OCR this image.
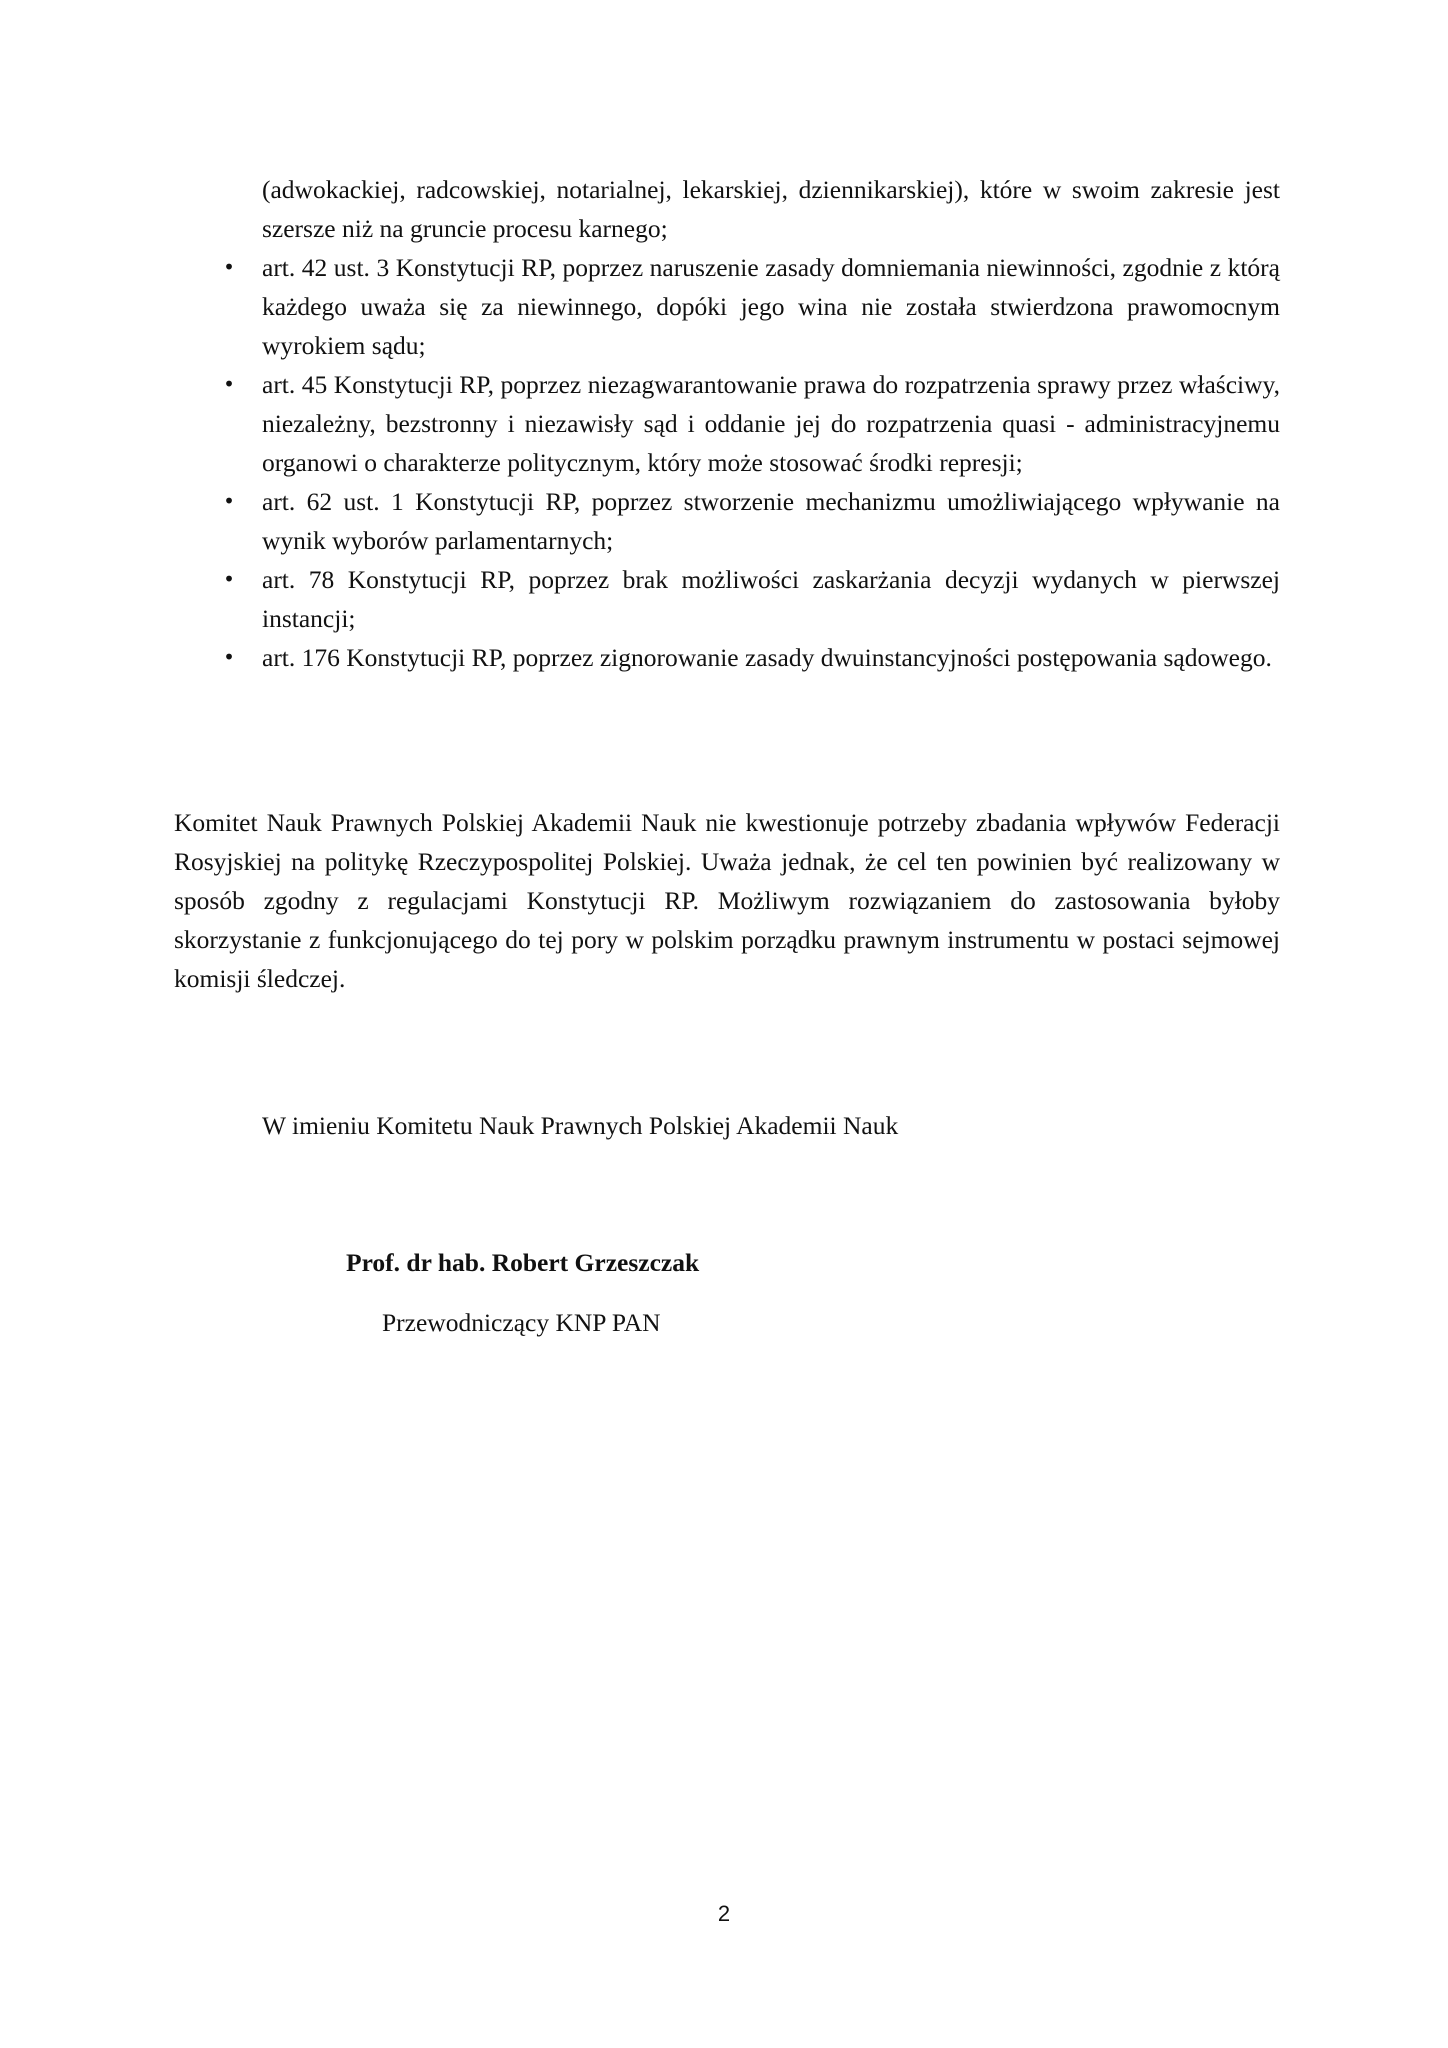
(adwokackiej, radcowskiej, notarialnej, lekarskiej, dziennikarskiej), które w swoim zakresie jest szersze niż na gruncie procesu karnego;
• art. 42 ust. 3 Konstytucji RP, poprzez naruszenie zasady domniemania niewinności, zgodnie z którą każdego uważa się za niewinnego, dopóki jego wina nie została stwierdzona prawomocnym wyrokiem sądu;
• art. 45 Konstytucji RP, poprzez niezagwarantowanie prawa do rozpatrzenia sprawy przez właściwy, niezależny, bezstronny i niezawisły sąd i oddanie jej do rozpatrzenia quasi - administracyjnemu organowi o charakterze politycznym, który może stosować środki represji;
• art. 62 ust. 1 Konstytucji RP, poprzez stworzenie mechanizmu umożliwiającego wpływanie na wynik wyborów parlamentarnych;
• art. 78 Konstytucji RP, poprzez brak możliwości zaskarżania decyzji wydanych w pierwszej instancji;
• art. 176 Konstytucji RP, poprzez zignorowanie zasady dwuinstancyjności postępowania sądowego.
Komitet Nauk Prawnych Polskiej Akademii Nauk nie kwestionuje potrzeby zbadania wpływów Federacji Rosyjskiej na politykę Rzeczypospolitej Polskiej. Uważa jednak, że cel ten powinien być realizowany w sposób zgodny z regulacjami Konstytucji RP. Możliwym rozwiązaniem do zastosowania byłoby skorzystanie z funkcjonującego do tej pory w polskim porządku prawnym instrumentu w postaci sejmowej komisji śledczej.
W imieniu Komitetu Nauk Prawnych Polskiej Akademii Nauk
Prof. dr hab. Robert Grzeszczak
Przewodniczący KNP PAN
2
